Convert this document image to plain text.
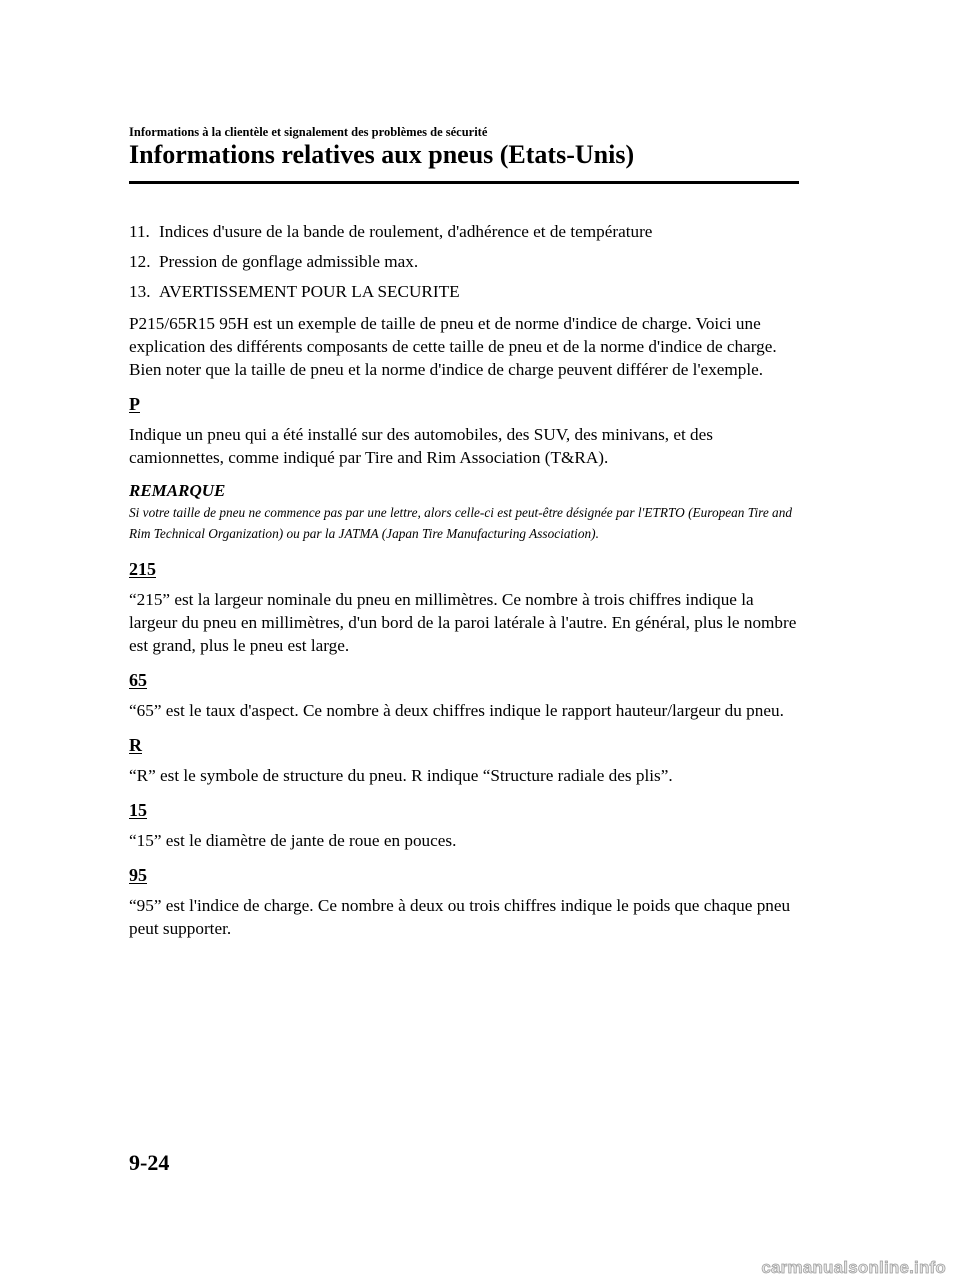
Informations à la clientèle et signalement des problèmes de sécurité
Informations relatives aux pneus (Etats-Unis)
11. Indices d'usure de la bande de roulement, d'adhérence et de température
12. Pression de gonflage admissible max.
13. AVERTISSEMENT POUR LA SECURITE

P215/65R15 95H est un exemple de taille de pneu et de norme d'indice de charge. Voici une explication des différents composants de cette taille de pneu et de la norme d'indice de charge. Bien noter que la taille de pneu et la norme d'indice de charge peuvent différer de l'exemple.

P

Indique un pneu qui a été installé sur des automobiles, des SUV, des minivans, et des camionnettes, comme indiqué par Tire and Rim Association (T&RA).

REMARQUE

Si votre taille de pneu ne commence pas par une lettre, alors celle-ci est peut-être désignée par l'ETRTO (European Tire and Rim Technical Organization) ou par la JATMA (Japan Tire Manufacturing Association).

215

“215” est la largeur nominale du pneu en millimètres. Ce nombre à trois chiffres indique la largeur du pneu en millimètres, d'un bord de la paroi latérale à l'autre. En général, plus le nombre est grand, plus le pneu est large.

65

“65” est le taux d'aspect. Ce nombre à deux chiffres indique le rapport hauteur/largeur du pneu.

R

“R” est le symbole de structure du pneu. R indique “Structure radiale des plis”.

15

“15” est le diamètre de jante de roue en pouces.

95

“95” est l'indice de charge. Ce nombre à deux ou trois chiffres indique le poids que chaque pneu peut supporter.

9-24
carmanualsonline.info
